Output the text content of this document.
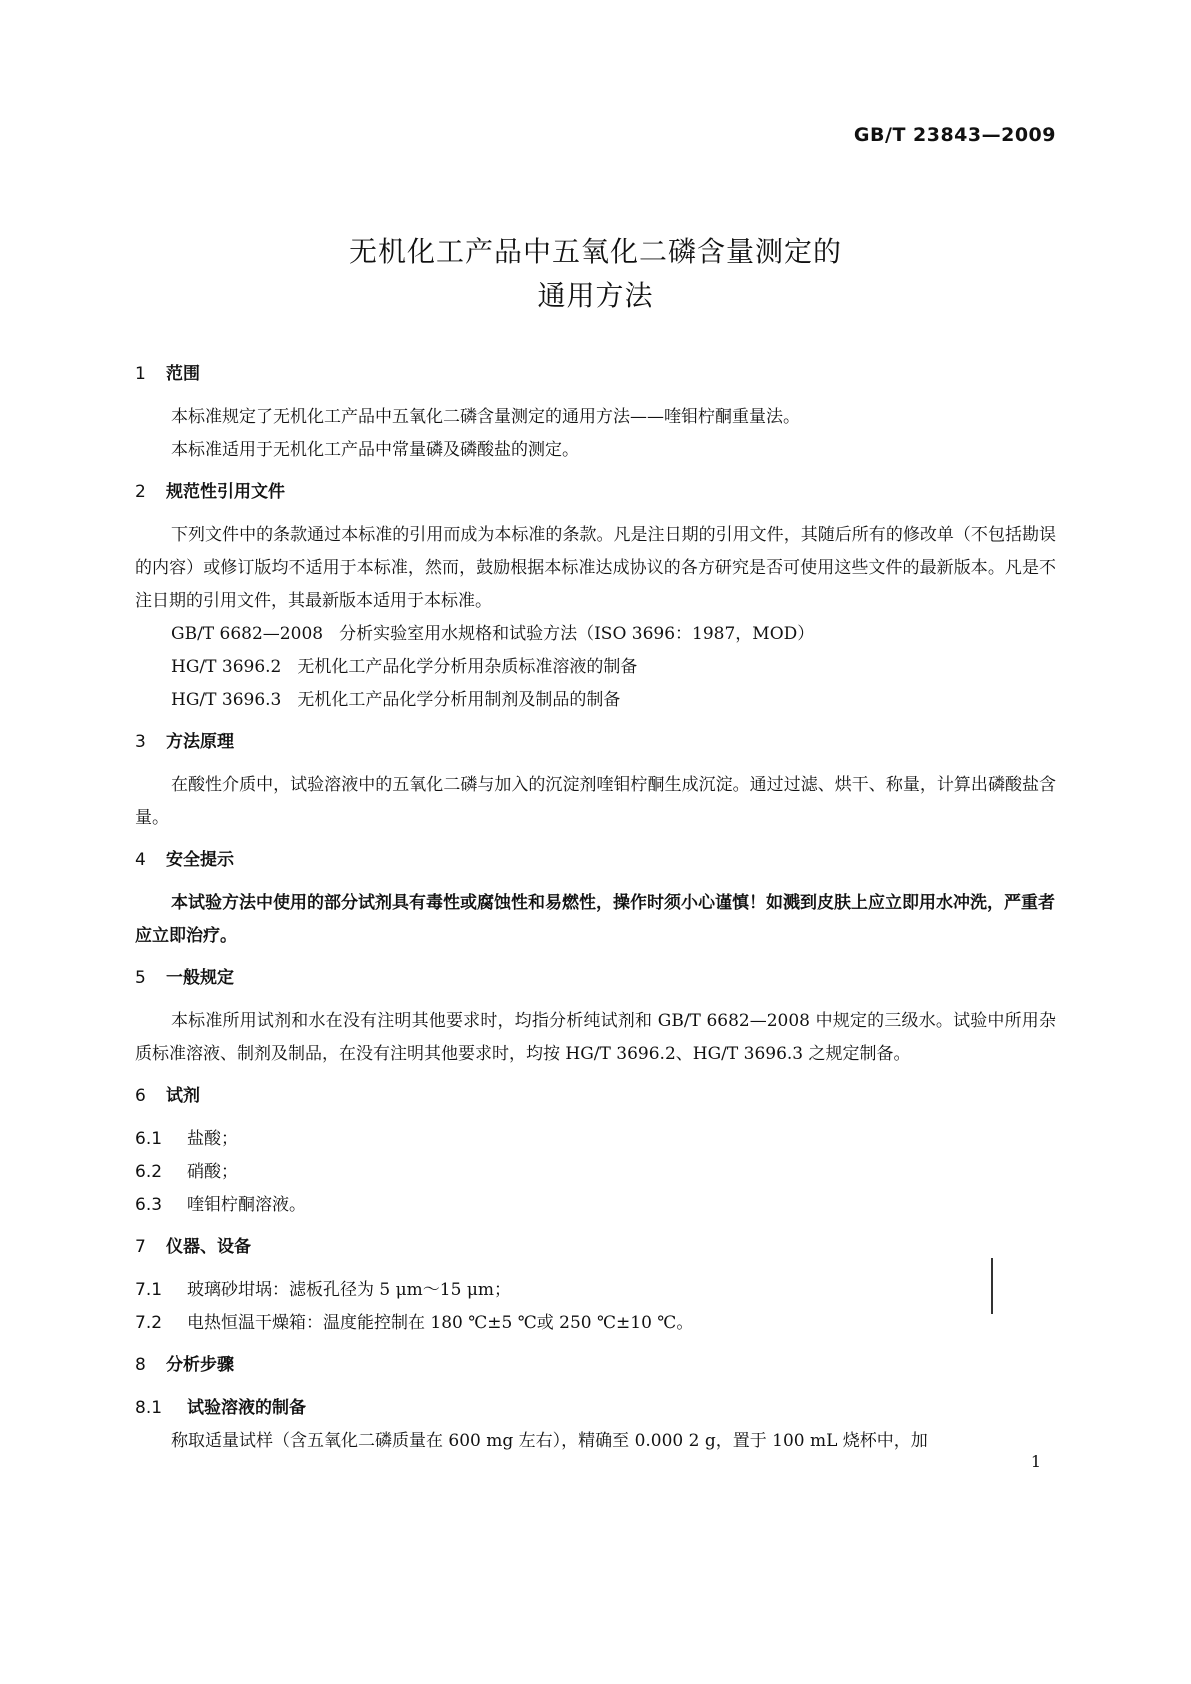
GB/T 23843—2009
无机化工产品中五氧化二磷含量测定的
通用方法
1 范围
本标准规定了无机化工产品中五氧化二磷含量测定的通用方法——喹钼柠酮重量法。
本标准适用于无机化工产品中常量磷及磷酸盐的测定。
2 规范性引用文件
下列文件中的条款通过本标准的引用而成为本标准的条款。凡是注日期的引用文件，其随后所有的修改单（不包括勘误的内容）或修订版均不适用于本标准，然而，鼓励根据本标准达成协议的各方研究是否可使用这些文件的最新版本。凡是不注日期的引用文件，其最新版本适用于本标准。
GB/T 6682—2008 分析实验室用水规格和试验方法（ISO 3696：1987，MOD）
HG/T 3696.2 无机化工产品化学分析用杂质标准溶液的制备
HG/T 3696.3 无机化工产品化学分析用制剂及制品的制备
3 方法原理
在酸性介质中，试验溶液中的五氧化二磷与加入的沉淀剂喹钼柠酮生成沉淀。通过过滤、烘干、称量，计算出磷酸盐含量。
4 安全提示
本试验方法中使用的部分试剂具有毒性或腐蚀性和易燃性，操作时须小心谨慎！如溅到皮肤上应立即用水冲洗，严重者应立即治疗。
5 一般规定
本标准所用试剂和水在没有注明其他要求时，均指分析纯试剂和 GB/T 6682—2008 中规定的三级水。试验中所用杂质标准溶液、制剂及制品，在没有注明其他要求时，均按 HG/T 3696.2、HG/T 3696.3 之规定制备。
6 试剂
6.1 盐酸；
6.2 硝酸；
6.3 喹钼柠酮溶液。
7 仪器、设备
7.1 玻璃砂坩埚：滤板孔径为 5 μm～15 μm；
7.2 电热恒温干燥箱：温度能控制在 180 ℃±5 ℃或 250 ℃±10 ℃。
8 分析步骤
8.1 试验溶液的制备
称取适量试样（含五氧化二磷质量在 600 mg 左右），精确至 0.000 2 g，置于 100 mL 烧杯中，加
1
